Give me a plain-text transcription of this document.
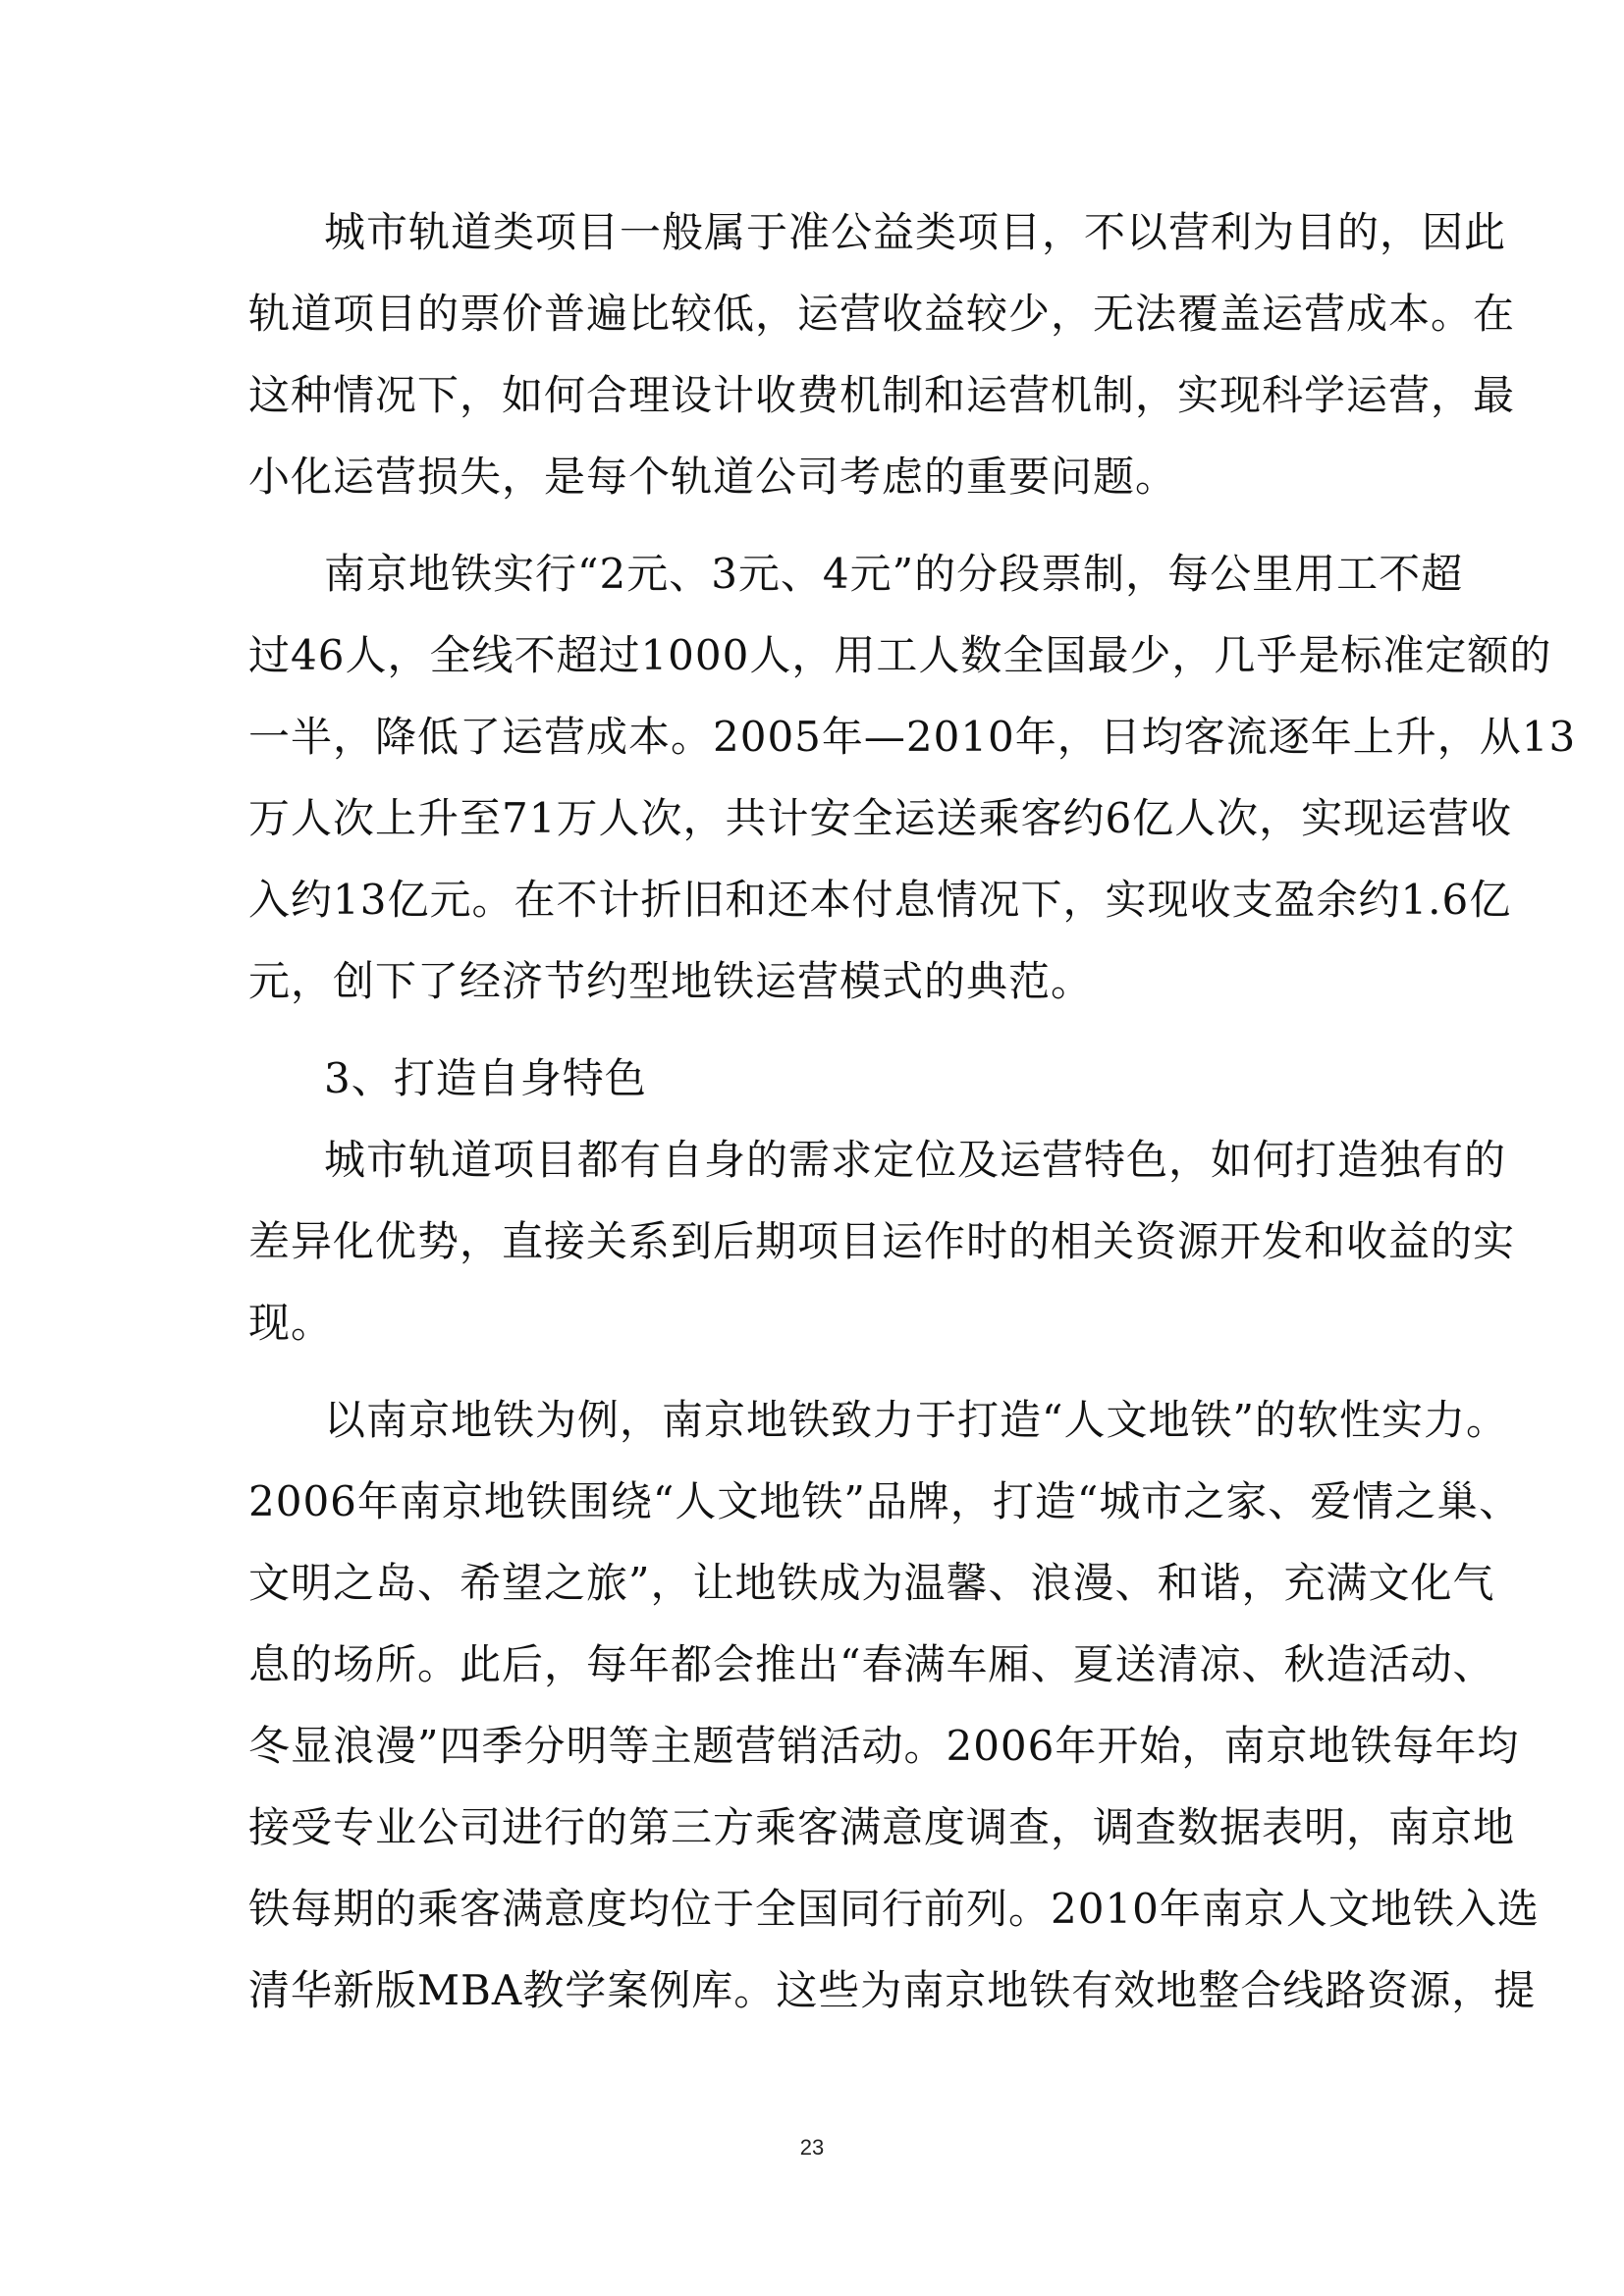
城市轨道类项目一般属于准公益类项目，不以营利为目的，因此
轨道项目的票价普遍比较低，运营收益较少，无法覆盖运营成本。在
这种情况下，如何合理设计收费机制和运营机制，实现科学运营，最
小化运营损失，是每个轨道公司考虑的重要问题。
南京地铁实行“2元、3元、4元”的分段票制，每公里用工不超
过46人，全线不超过1000人，用工人数全国最少，几乎是标准定额的
一半，降低了运营成本。2005年—2010年，日均客流逐年上升，从13
万人次上升至71万人次，共计安全运送乘客约6亿人次，实现运营收
入约13亿元。在不计折旧和还本付息情况下，实现收支盈余约1.6亿
元，创下了经济节约型地铁运营模式的典范。
3、打造自身特色
城市轨道项目都有自身的需求定位及运营特色，如何打造独有的
差异化优势，直接关系到后期项目运作时的相关资源开发和收益的实
现。
以南京地铁为例，南京地铁致力于打造“人文地铁”的软性实力。
2006年南京地铁围绕“人文地铁”品牌，打造“城市之家、爱情之巢、
文明之岛、希望之旅”，让地铁成为温馨、浪漫、和谐，充满文化气
息的场所。此后，每年都会推出“春满车厢、夏送清凉、秋造活动、
冬显浪漫”四季分明等主题营销活动。2006年开始，南京地铁每年均
接受专业公司进行的第三方乘客满意度调查，调查数据表明，南京地
铁每期的乘客满意度均位于全国同行前列。2010年南京人文地铁入选
清华新版MBA教学案例库。这些为南京地铁有效地整合线路资源，提
23
